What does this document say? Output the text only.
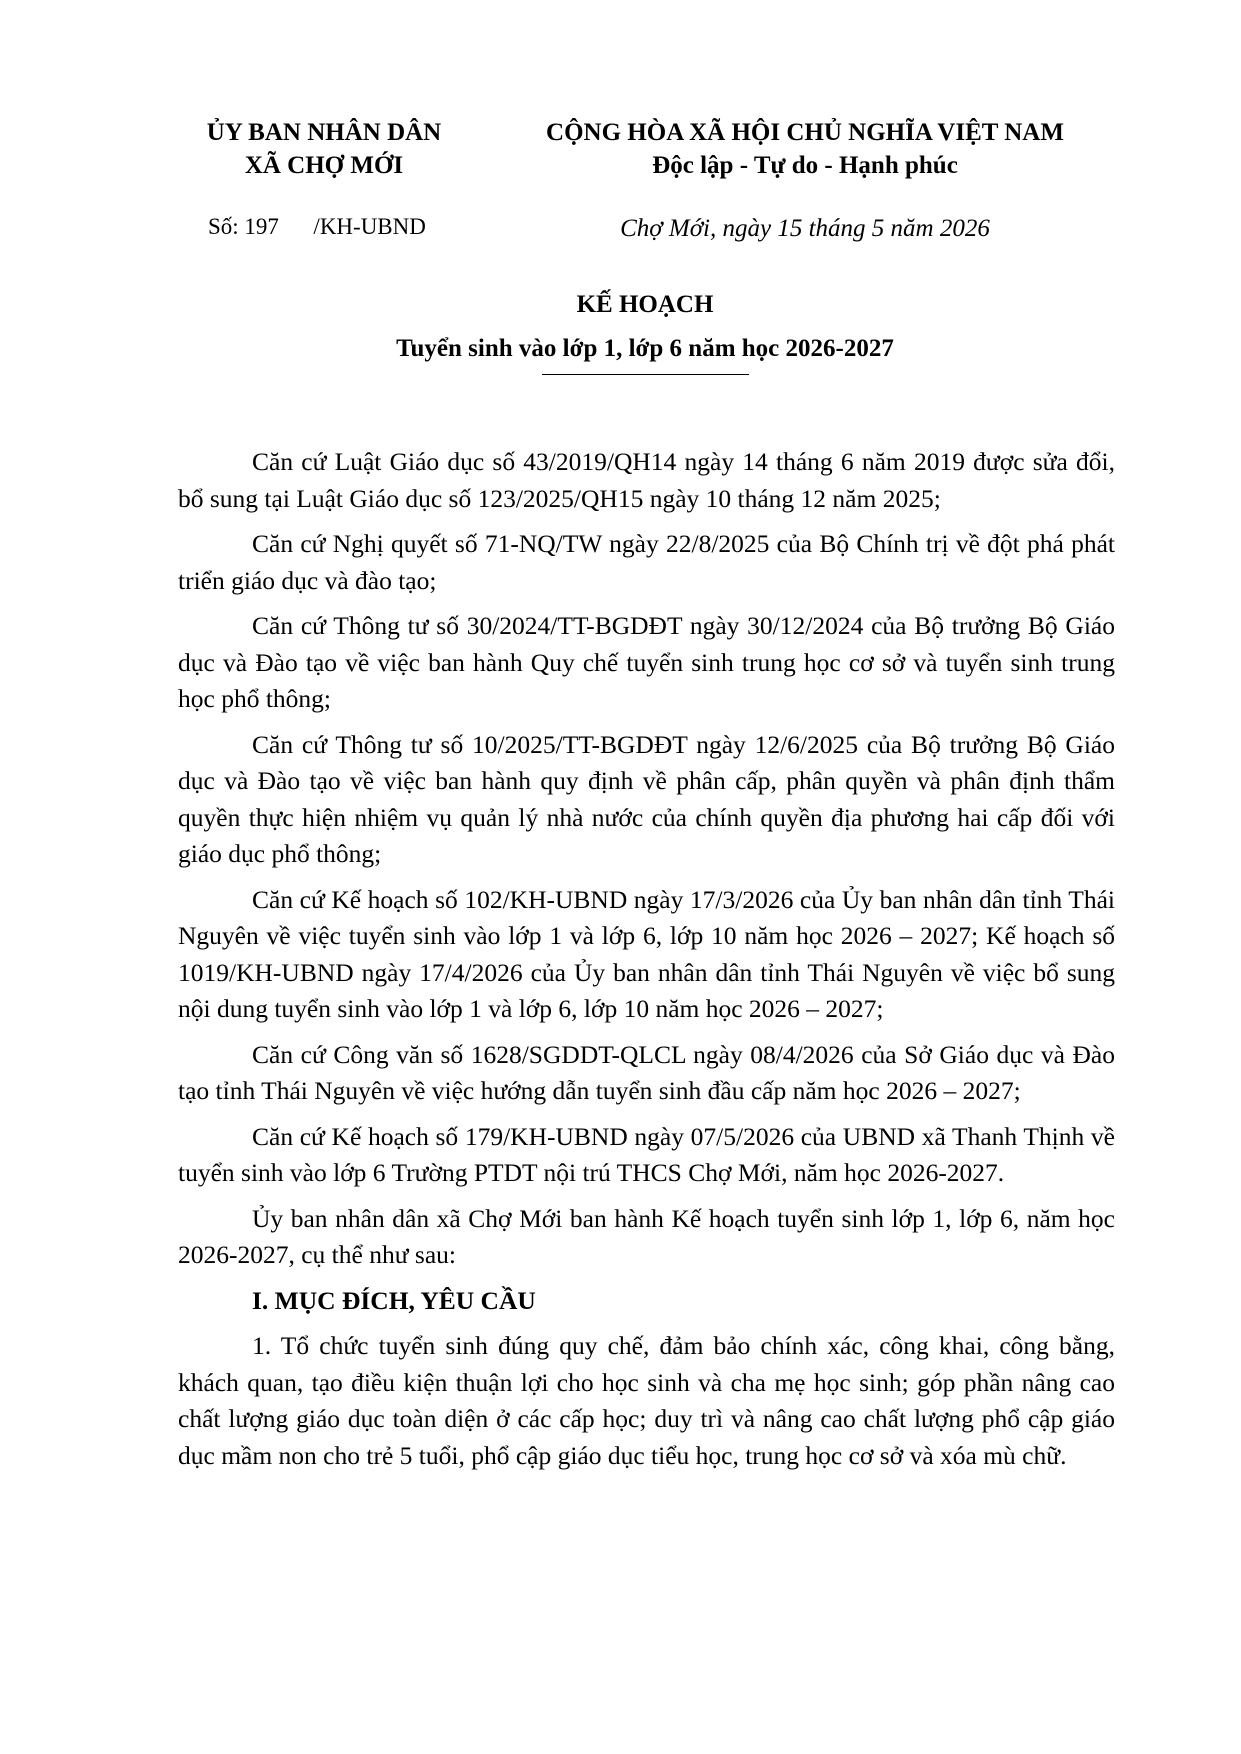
ỦY BAN NHÂN DÂN
XÃ CHỢ MỚI
CỘNG HÒA XÃ HỘI CHỦ NGHĨA VIỆT NAM
Độc lập - Tự do - Hạnh phúc
Số: 197      /KH-UBND	Chợ Mới, ngày 15 tháng 5 năm 2026
KẾ HOẠCH
Tuyển sinh vào lớp 1, lớp 6 năm học 2026-2027

Căn cứ Luật Giáo dục số 43/2019/QH14 ngày 14 tháng 6 năm 2019 được sửa đổi, bổ sung tại Luật Giáo dục số 123/2025/QH15 ngày 10 tháng 12 năm 2025;

Căn cứ Nghị quyết số 71-NQ/TW ngày 22/8/2025 của Bộ Chính trị về đột phá phát triển giáo dục và đào tạo;

Căn cứ Thông tư số 30/2024/TT-BGDĐT ngày 30/12/2024 của Bộ trưởng Bộ Giáo dục và Đào tạo về việc ban hành Quy chế tuyển sinh trung học cơ sở và tuyển sinh trung học phổ thông;

Căn cứ Thông tư số 10/2025/TT-BGDĐT ngày 12/6/2025 của Bộ trưởng Bộ Giáo dục và Đào tạo về việc ban hành quy định về phân cấp, phân quyền và phân định thẩm quyền thực hiện nhiệm vụ quản lý nhà nước của chính quyền địa phương hai cấp đối với giáo dục phổ thông;

Căn cứ Kế hoạch số 102/KH-UBND ngày 17/3/2026 của Ủy ban nhân dân tỉnh Thái Nguyên về việc tuyển sinh vào lớp 1 và lớp 6, lớp 10 năm học 2026 – 2027; Kế hoạch số 1019/KH-UBND ngày 17/4/2026 của Ủy ban nhân dân tỉnh Thái Nguyên về việc bổ sung nội dung tuyển sinh vào lớp 1 và lớp 6, lớp 10 năm học 2026 – 2027;

Căn cứ Công văn số 1628/SGDDT-QLCL ngày 08/4/2026 của Sở Giáo dục và Đào tạo tỉnh Thái Nguyên về việc hướng dẫn tuyển sinh đầu cấp năm học 2026 – 2027;

Căn cứ Kế hoạch số 179/KH-UBND ngày 07/5/2026 của UBND xã Thanh Thịnh về tuyển sinh vào lớp 6 Trường PTDT nội trú THCS Chợ Mới, năm học 2026-2027.

Ủy ban nhân dân xã Chợ Mới ban hành Kế hoạch tuyển sinh lớp 1, lớp 6, năm học 2026-2027, cụ thể như sau:

I. MỤC ĐÍCH, YÊU CẦU

1. Tổ chức tuyển sinh đúng quy chế, đảm bảo chính xác, công khai, công bằng, khách quan, tạo điều kiện thuận lợi cho học sinh và cha mẹ học sinh; góp phần nâng cao chất lượng giáo dục toàn diện ở các cấp học; duy trì và nâng cao chất lượng phổ cập giáo dục mầm non cho trẻ 5 tuổi, phổ cập giáo dục tiểu học, trung học cơ sở và xóa mù chữ.
